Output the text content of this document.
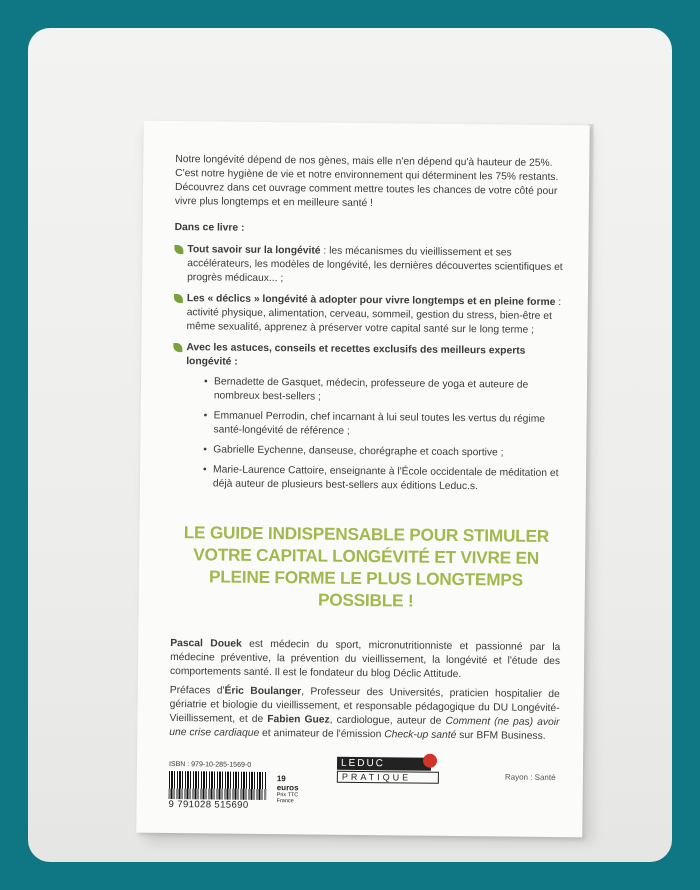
Notre longévité dépend de nos gènes, mais elle n'en dépend qu'à hauteur de 25%. C'est notre hygiène de vie et notre environnement qui déterminent les 75% restants. Découvrez dans cet ouvrage comment mettre toutes les chances de votre côté pour vivre plus longtemps et en meilleure santé !

Dans ce livre :

Tout savoir sur la longévité : les mécanismes du vieillissement et ses accélérateurs, les modèles de longévité, les dernières découvertes scientifiques et progrès médicaux... ;
Les « déclics » longévité à adopter pour vivre longtemps et en pleine forme : activité physique, alimentation, cerveau, sommeil, gestion du stress, bien-être et même sexualité, apprenez à préserver votre capital santé sur le long terme ;
Avec les astuces, conseils et recettes exclusifs des meilleurs experts longévité :
• Bernadette de Gasquet, médecin, professeure de yoga et auteure de nombreux best-sellers ;
• Emmanuel Perrodin, chef incarnant à lui seul toutes les vertus du régime santé-longévité de référence ;
• Gabrielle Eychenne, danseuse, chorégraphe et coach sportive ;
• Marie-Laurence Cattoire, enseignante à l'École occidentale de méditation et déjà auteur de plusieurs best-sellers aux éditions Leduc.s.
LE GUIDE INDISPENSABLE POUR STIMULER VOTRE CAPITAL LONGÉVITÉ ET VIVRE EN PLEINE FORME LE PLUS LONGTEMPS POSSIBLE !

Pascal Douek est médecin du sport, micronutritionniste et passionné par la médecine préventive, la prévention du vieillissement, la longévité et l'étude des comportements santé. Il est le fondateur du blog Déclic Attitude.

Préfaces d'Éric Boulanger, Professeur des Universités, praticien hospitalier de gériatrie et biologie du vieillissement, et responsable pédagogique du DU Longévité-Vieillissement, et de Fabien Guez, cardiologue, auteur de Comment (ne pas) avoir une crise cardiaque et animateur de l'émission Check-up santé sur BFM Business.

ISBN : 979-10-285-1569-0
9 791028 515690
19 euros
Prix TTC France
LEDUC
PRATIQUE	Rayon : Santé
